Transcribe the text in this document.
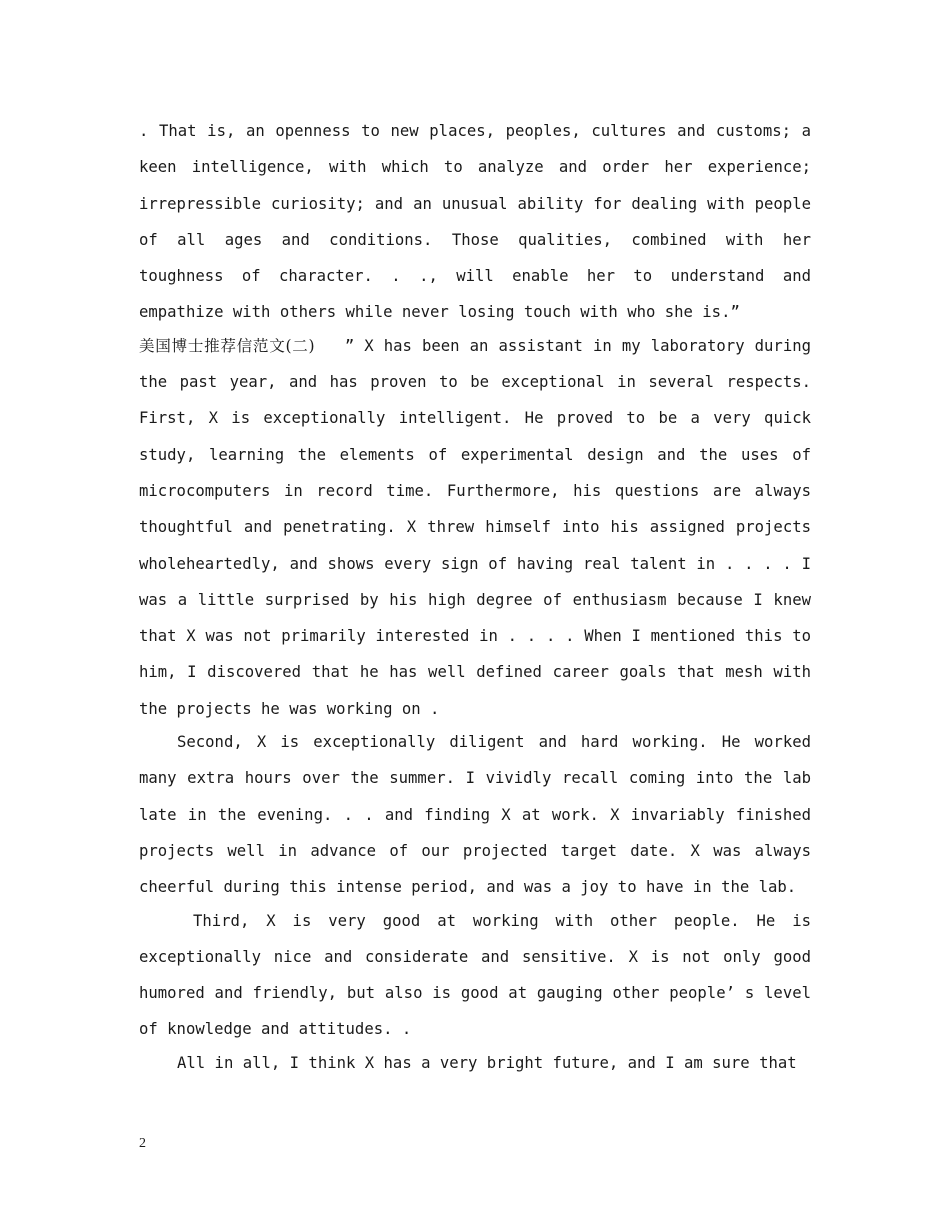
. That is, an openness to new places, peoples, cultures and customs; a keen intelligence, with which to analyze and order her experience; irrepressible curiosity; and an unusual ability for dealing with people of all ages and conditions. Those qualities, combined with her toughness of character. . ., will enable her to understand and empathize with others while never losing touch with who she is.”

美国博士推荐信范文(二)   ” X has been an assistant in my laboratory during the past year, and has proven to be exceptional in several respects. First, X is exceptionally intelligent. He proved to be a very quick study, learning the elements of experimental design and the uses of microcomputers in record time. Furthermore, his questions are always thoughtful and penetrating. X threw himself into his assigned projects wholeheartedly, and shows every sign of having real talent in . . . . I was a little surprised by his high degree of enthusiasm because I knew that X was not primarily interested in . . . . When I mentioned this to him, I discovered that he has well defined career goals that mesh with the projects he was working on .

Second, X is exceptionally diligent and hard working. He worked many extra hours over the summer. I vividly recall coming into the lab late in the evening. . . and finding X at work. X invariably finished projects well in advance of our projected target date. X was always cheerful during this intense period, and was a joy to have in the lab.

Third, X is very good at working with other people. He is exceptionally nice and considerate and sensitive. X is not only good humored and friendly, but also is good at gauging other people’ s level of knowledge and attitudes. .

All in all, I think X has a very bright future, and I am sure that

2
